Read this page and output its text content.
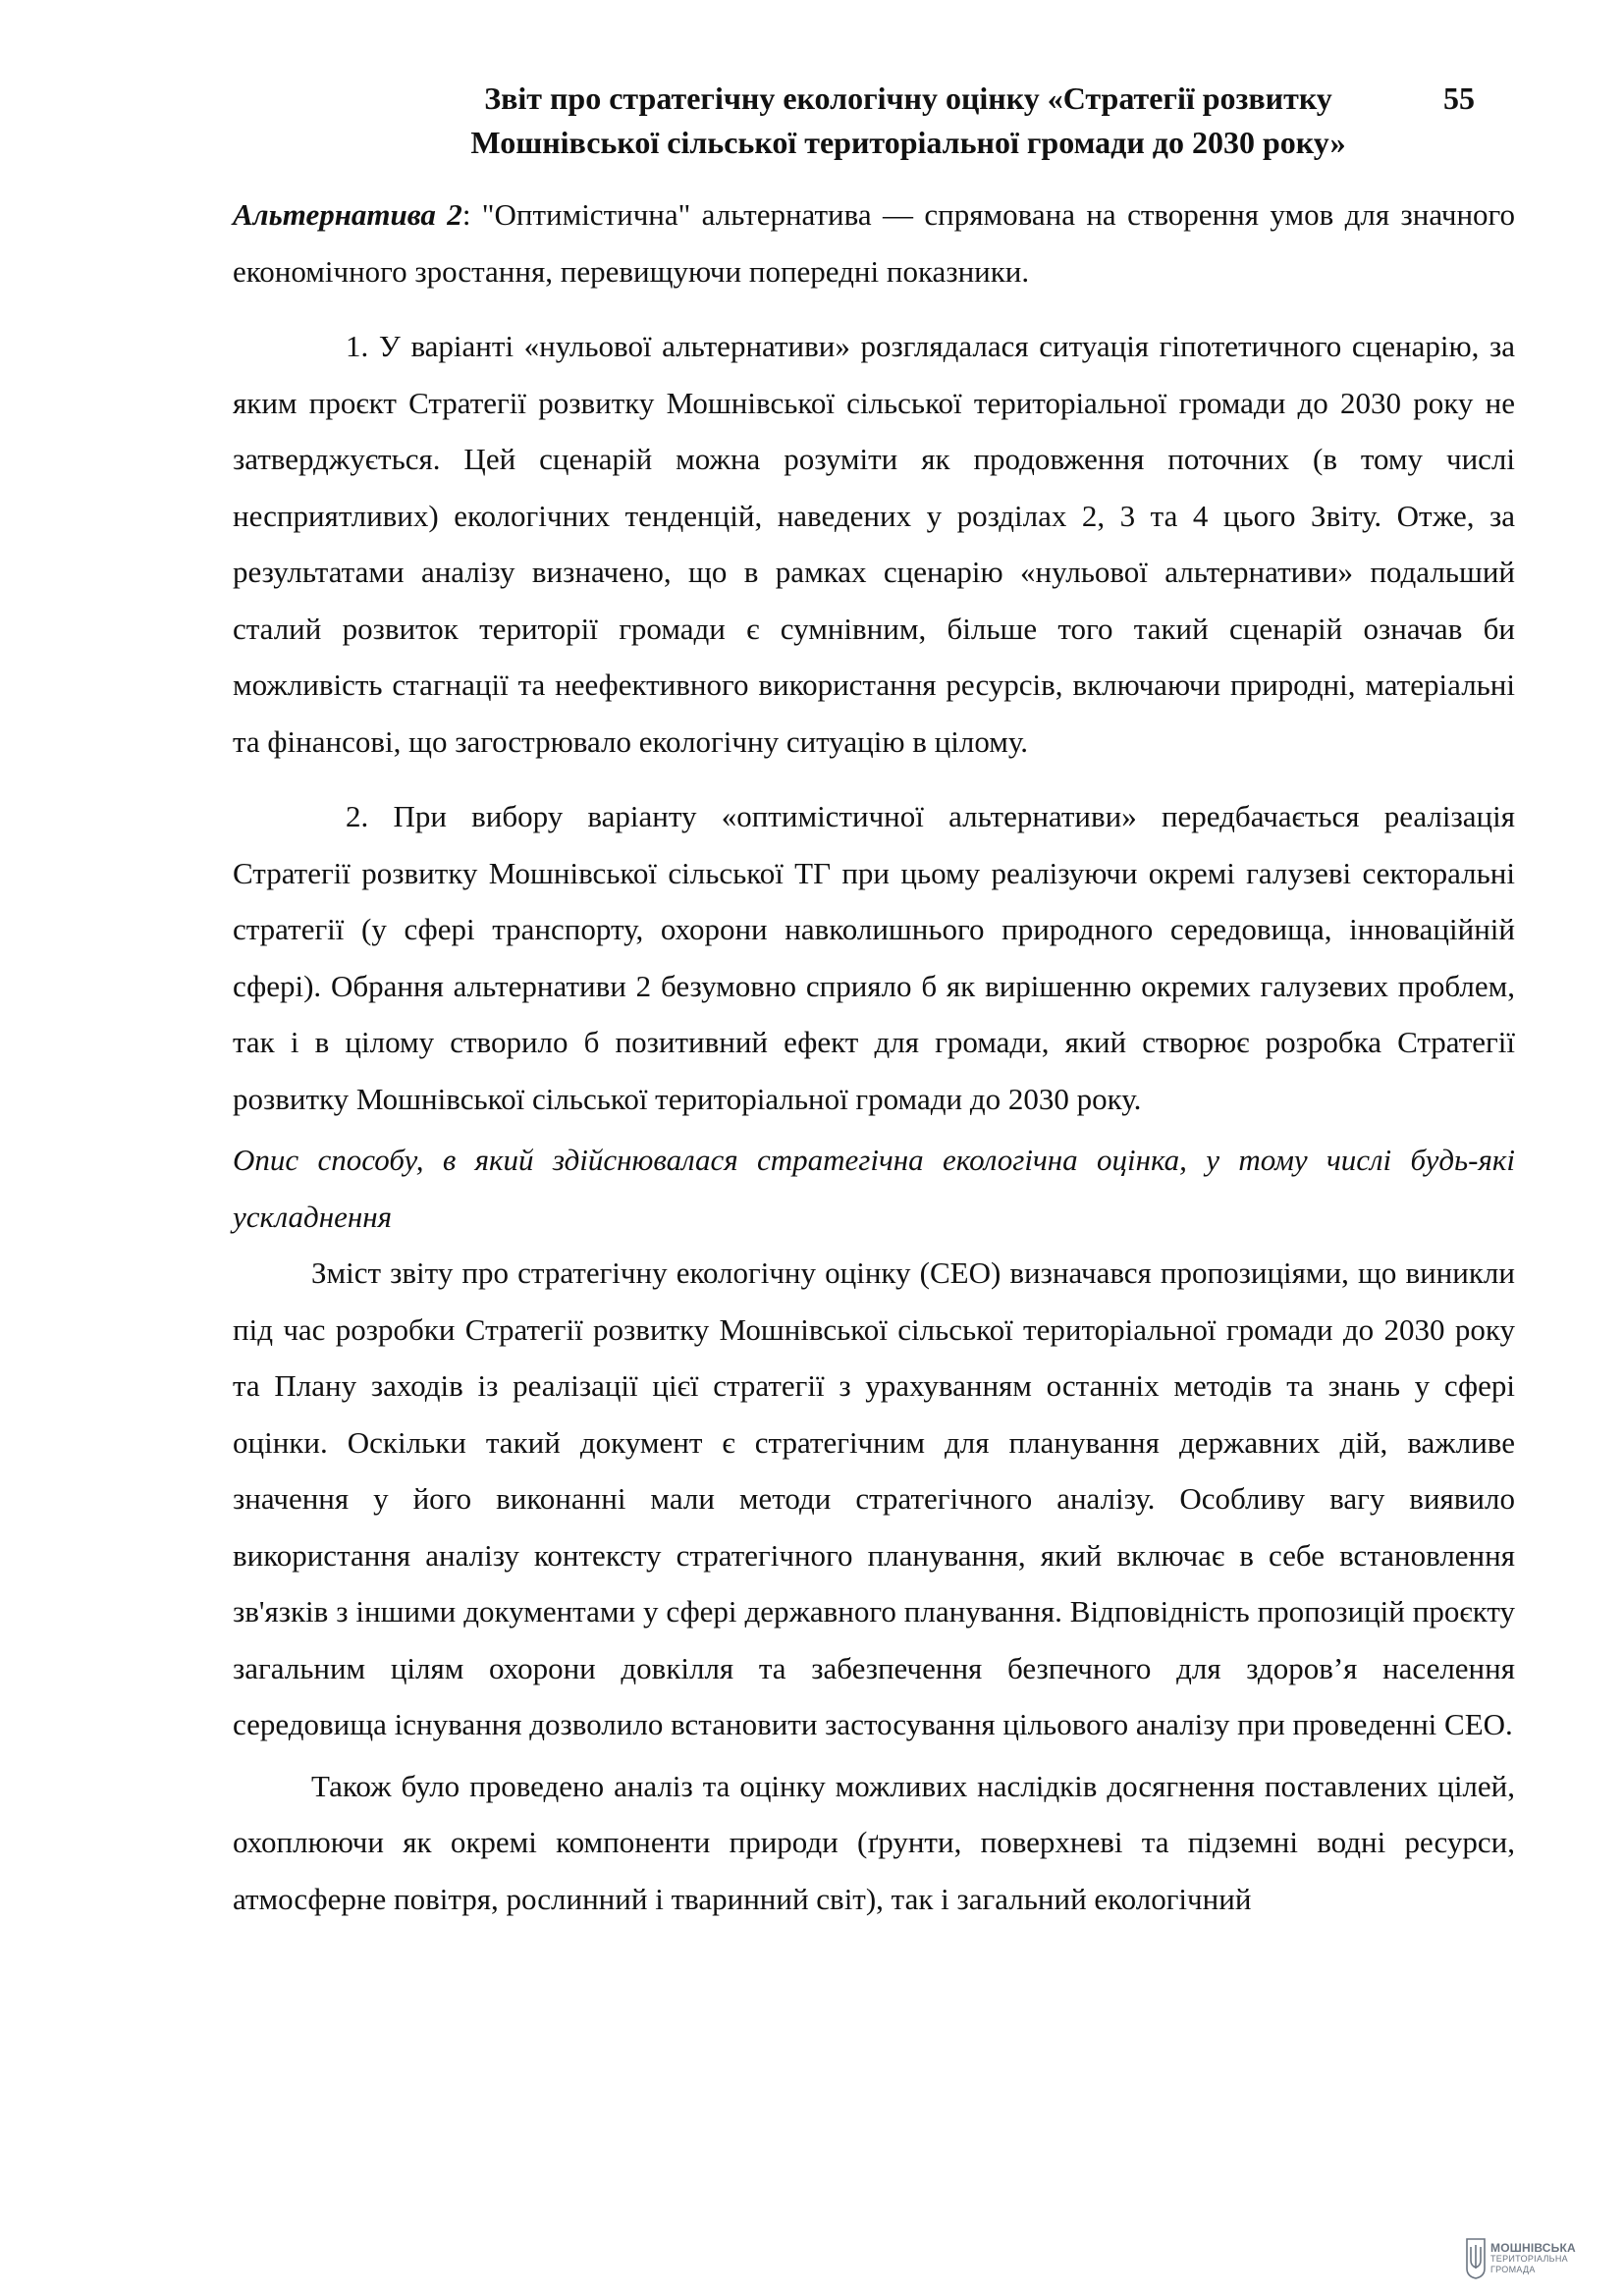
Звіт про стратегічну екологічну оцінку «Стратегії розвитку
Мошнівської сільської територіальної громади до 2030 року»
55

Альтернатива 2: "Оптимістична" альтернатива — спрямована на створення умов для значного економічного зростання, перевищуючи попередні показники.

1. У варіанті «нульової альтернативи» розглядалася ситуація гіпотетичного сценарію, за яким проєкт Стратегії розвитку Мошнівської сільської територіальної громади до 2030 року не затверджується. Цей сценарій можна розуміти як продовження поточних (в тому числі несприятливих) екологічних тенденцій, наведених у розділах 2, 3 та 4 цього Звіту. Отже, за результатами аналізу визначено, що в рамках сценарію «нульової альтернативи» подальший сталий розвиток території громади є сумнівним, більше того такий сценарій означав би можливість стагнації та неефективного використання ресурсів, включаючи природні, матеріальні та фінансові, що загострювало екологічну ситуацію в цілому.

2. При вибору варіанту «оптимістичної альтернативи» передбачається реалізація Стратегії розвитку Мошнівської сільської ТГ при цьому реалізуючи окремі галузеві секторальні стратегії (у сфері транспорту, охорони навколишнього природного середовища, інноваційній сфері). Обрання альтернативи 2 безумовно сприяло б як вирішенню окремих галузевих проблем, так і в цілому створило б позитивний ефект для громади, який створює розробка Стратегії розвитку Мошнівської сільської територіальної громади до 2030 року.

Опис способу, в який здійснювалася стратегічна екологічна оцінка, у тому числі будь-які ускладнення

Зміст звіту про стратегічну екологічну оцінку (СЕО) визначався пропозиціями, що виникли під час розробки Стратегії розвитку Мошнівської сільської територіальної громади до 2030 року та Плану заходів із реалізації цієї стратегії з урахуванням останніх методів та знань у сфері оцінки. Оскільки такий документ є стратегічним для планування державних дій, важливе значення у його виконанні мали методи стратегічного аналізу. Особливу вагу виявило використання аналізу контексту стратегічного планування, який включає в себе встановлення зв'язків з іншими документами у сфері державного планування. Відповідність пропозицій проєкту загальним цілям охорони довкілля та забезпечення безпечного для здоров’я населення середовища існування дозволило встановити застосування цільового аналізу при проведенні СЕО.

Також було проведено аналіз та оцінку можливих наслідків досягнення поставлених цілей, охоплюючи як окремі компоненти природи (ґрунти, поверхневі та підземні водні ресурси, атмосферне повітря, рослинний і тваринний світ), так і загальний екологічний

МОШНІВСЬКА
ТЕРИТОРІАЛЬНА
ГРОМАДА
